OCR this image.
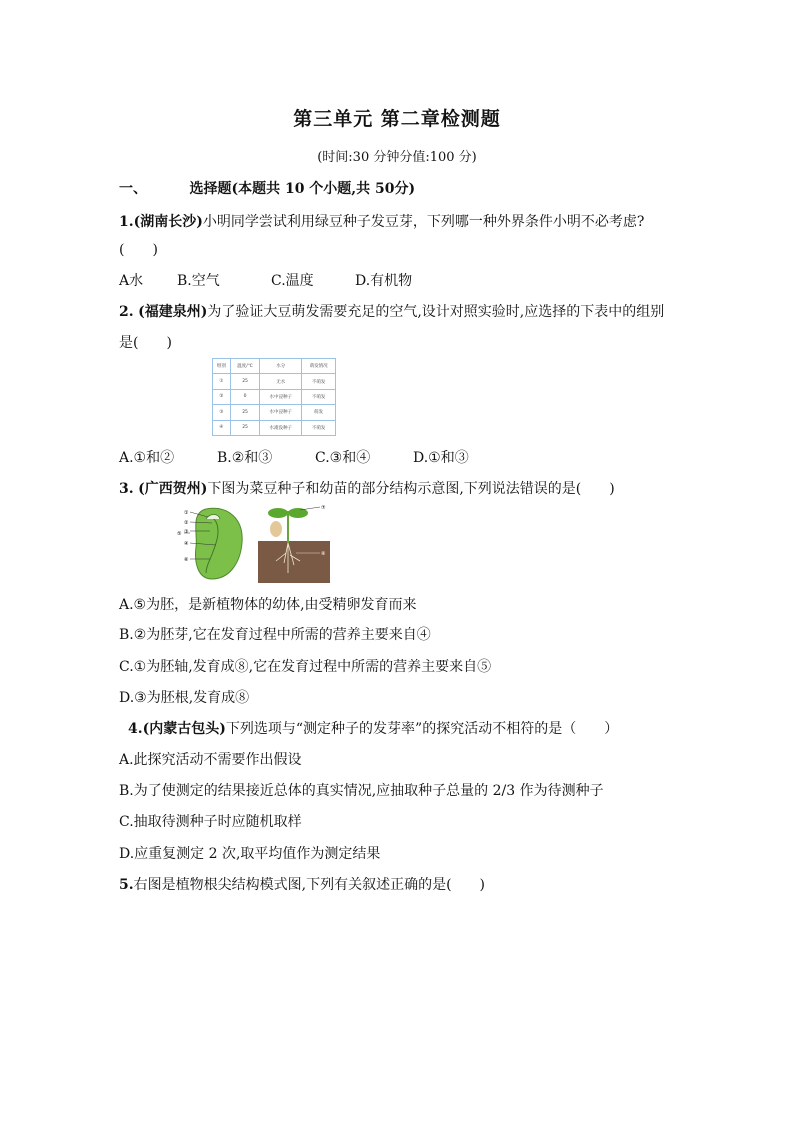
第三单元 第二章检测题
(时间:30 分钟分值:100 分)
一、	选择题(本题共 10 个小题,共 50分)
1.(湖南长沙)小明同学尝试利用绿豆种子发豆芽，下列哪一种外界条件小明不必考虑?
(　　)
A水 B.空气	C.温度	D.有机物
2. (福建泉州)为了验证大豆萌发需要充足的空气,设计对照实验时,应选择的下表中的组别
是(　　)
组别	温度/℃	水分	萌发情况
①	25	无水	不萌发
②	0	水中浸种子	不萌发
③	25	水中浸种子	萌发
④	25	水淹没种子	不萌发
A.①和②	B.②和③	C.③和④	D.①和③
3. (广西贺州)下图为菜豆种子和幼苗的部分结构示意图,下列说法错误的是(　　)
①
②
③
④
⑤
⑥
⑦
⑧
A.⑤为胚，是新植物体的幼体,由受精卵发育而来
B.②为胚芽,它在发育过程中所需的营养主要来自④
C.①为胚轴,发育成⑧,它在发育过程中所需的营养主要来自⑤
D.③为胚根,发育成⑧
4.(内蒙古包头)下列选项与“测定种子的发芽率”的探究活动不相符的是（　　）
A.此探究活动不需要作出假设
B.为了使测定的结果接近总体的真实情况,应抽取种子总量的 2/3 作为待测种子
C.抽取待测种子时应随机取样
D.应重复测定 2 次,取平均值作为测定结果
5.右图是植物根尖结构模式图,下列有关叙述正确的是(　　)
